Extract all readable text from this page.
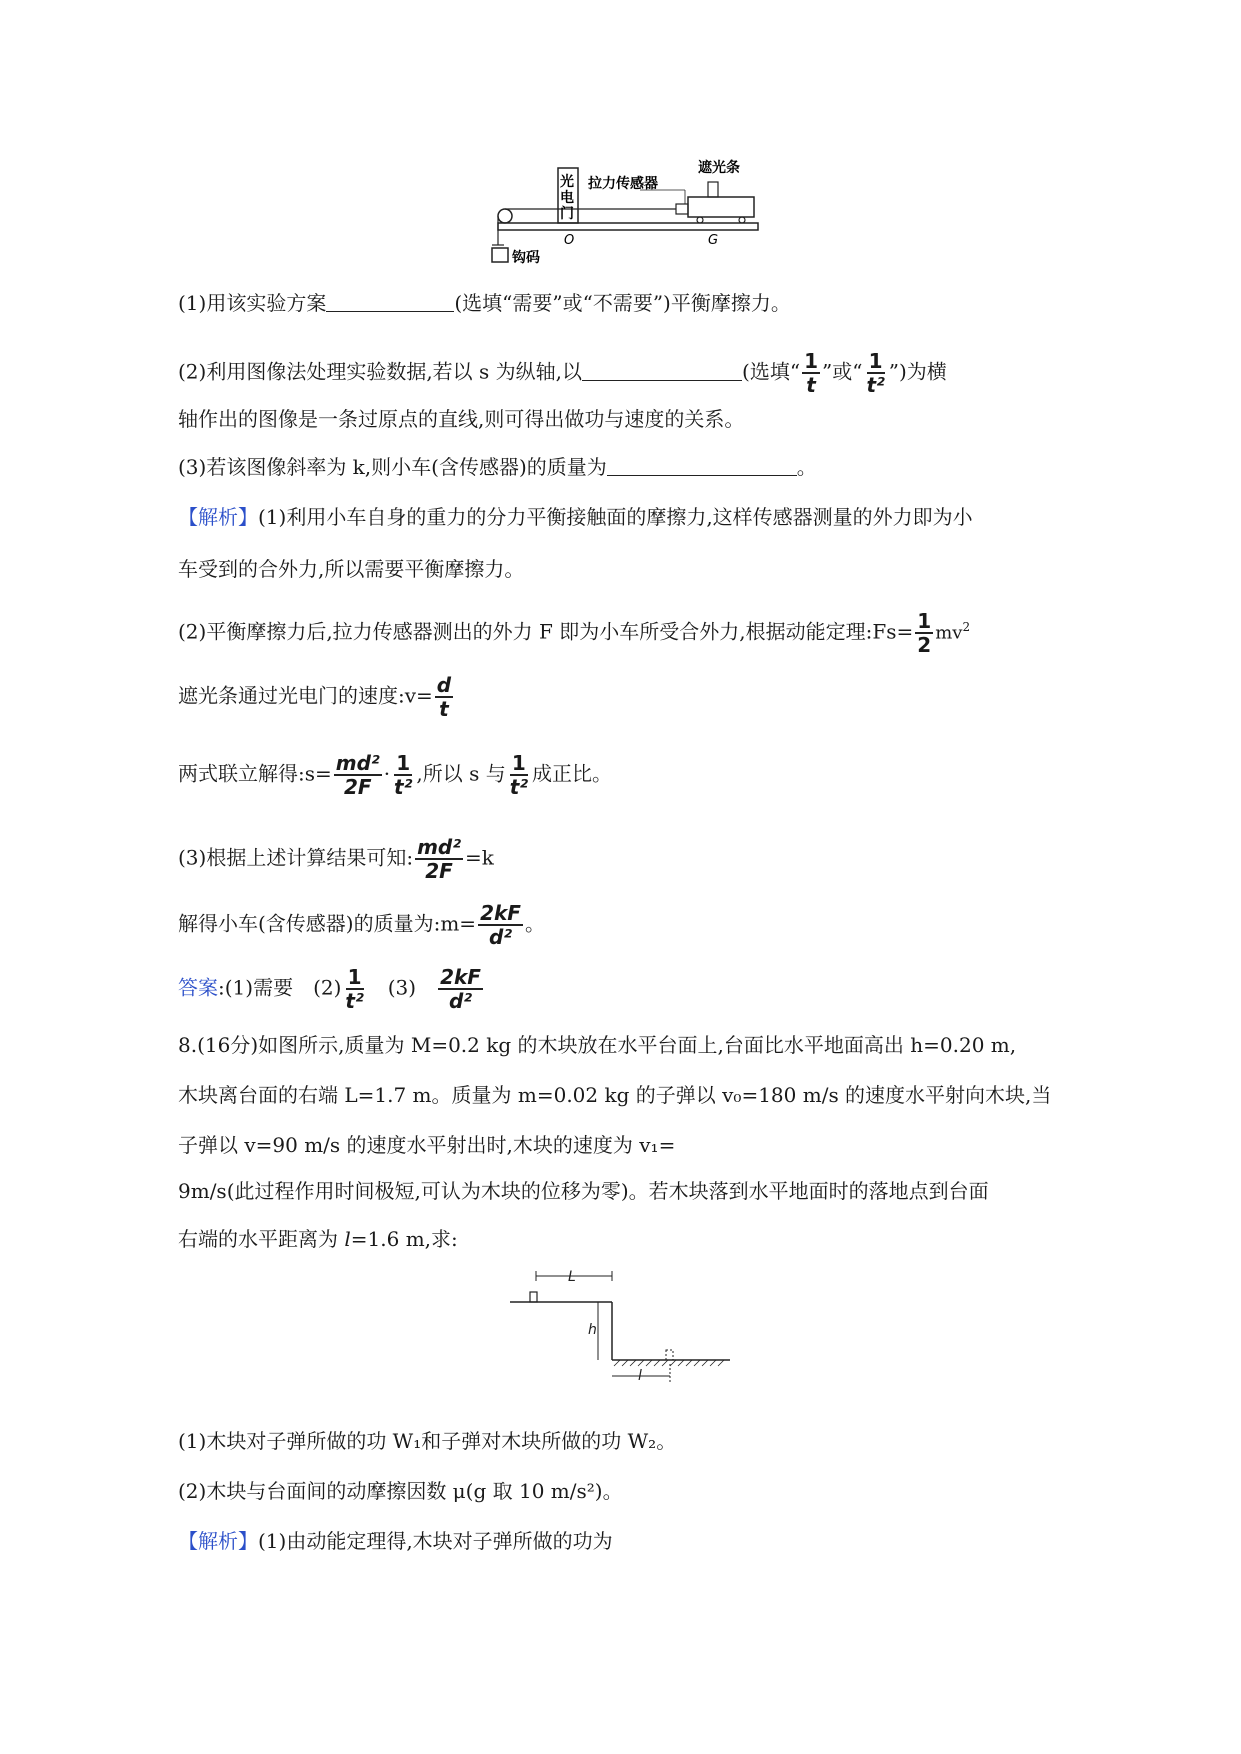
光
电
门
拉力传感器
遮光条
钩码
O	G
(1)用该实验方案	(选填“需要”或“不需要”)平衡摩擦力。
(2)利用图像法处理实验数据,若以 s 为纵轴,以	(选填“ $\frac{1}{t}$ ”或“ $\frac{1}{\text{t²}}$ ”)为横
轴作出的图像是一条过原点的直线,则可得出做功与速度的关系。
(3)若该图像斜率为 k,则小车(含传感器)的质量为	。
【解析】(1)利用小车自身的重力的分力平衡接触面的摩擦力,这样传感器测量的外力即为小
车受到的合外力,所以需要平衡摩擦力。
(2)平衡摩擦力后,拉力传感器测出的外力 F 即为小车所受合外力,根据动能定理:Fs= $\frac{1}{2} mv^2$
遮光条通过光电门的速度:v= $\frac{d}{t}$
两式联立解得:s= $\frac{\text{md²}}{2F} \cdot \frac{1}{\text{t²}}$ ,所以 s 与 $\frac{1}{\text{t²}}$ 成正比。
(3)根据上述计算结果可知: $\frac{\text{md²}}{2F} =k$
解得小车(含传感器)的质量为:m= $\frac{2kF}{\text{d²}}$ 。
答案:(1)需要　$(2) \frac{1}{\text{t²}}$ 　(3)　 $\frac{2kF}{\text{d²}}$
8.(16分)如图所示,质量为 M=0.2 kg 的木块放在水平台面上,台面比水平地面高出 h=0.20 m,
木块离台面的右端 L=1.7 m。质量为 m=0.02 kg 的子弹以 v₀=180 m/s 的速度水平射向木块,当
子弹以 v=90 m/s 的速度水平射出时,木块的速度为 v₁=
9m/s(此过程作用时间极短,可认为木块的位移为零)。若木块落到水平地面时的落地点到台面
右端的水平距离为 l=1.6 m,求:
L
h
l
(1)木块对子弹所做的功 W₁和子弹对木块所做的功 W₂。
(2)木块与台面间的动摩擦因数 μ(g 取 10 m/s²)。
【解析】(1)由动能定理得,木块对子弹所做的功为
